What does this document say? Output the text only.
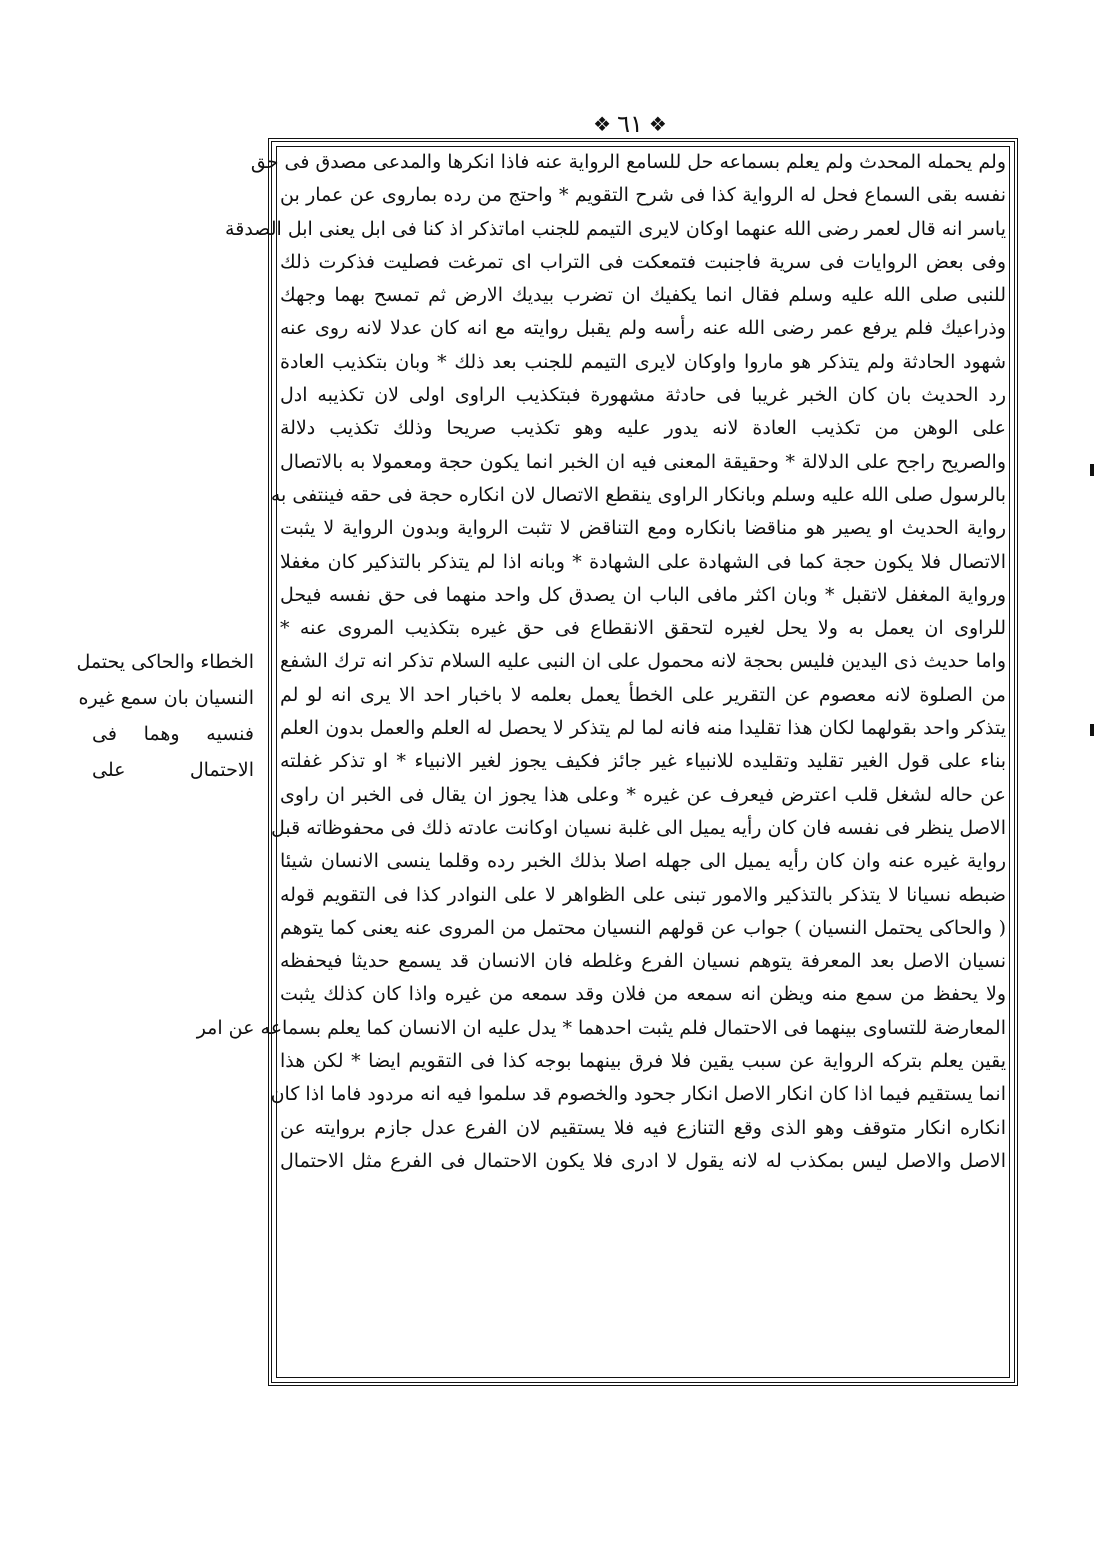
❖ ٦١ ❖
ولم يحمله المحدث ولم يعلم بسماعه حل للسامع الرواية عنه فاذا انكرها والمدعى مصدق فى حق
نفسه بقى السماع فحل له الرواية كذا فى شرح التقويم * واحتج من رده بماروى عن عمار بن
ياسر انه قال لعمر رضى الله عنهما اوكان لايرى التيمم للجنب اماتذكر اذ كنا فى ابل يعنى ابل الصدقة
وفى بعض الروايات فى سرية فاجنبت فتمعكت فى التراب اى تمرغت فصليت فذكرت ذلك
للنبى صلى الله عليه وسلم فقال انما يكفيك ان تضرب بيديك الارض ثم تمسح بهما وجهك
وذراعيك فلم يرفع عمر رضى الله عنه رأسه ولم يقبل روايته مع انه كان عدلا لانه روى عنه
شهود الحادثة ولم يتذكر هو ماروا واوكان لايرى التيمم للجنب بعد ذلك * وبان بتكذيب العادة
رد الحديث بان كان الخبر غريبا فى حادثة مشهورة فبتكذيب الراوى اولى لان تكذيبه ادل
على الوهن من تكذيب العادة لانه يدور عليه وهو تكذيب صريحا وذلك تكذيب دلالة
والصريح راجح على الدلالة * وحقيقة المعنى فيه ان الخبر انما يكون حجة ومعمولا به بالاتصال
بالرسول صلى الله عليه وسلم وبانكار الراوى ينقطع الاتصال لان انكاره حجة فى حقه فينتفى به
رواية الحديث او يصير هو مناقضا بانكاره ومع التناقض لا تثبت الرواية وبدون الرواية لا يثبت
الاتصال فلا يكون حجة كما فى الشهادة على الشهادة * وبانه اذا لم يتذكر بالتذكير كان مغفلا
ورواية المغفل لاتقبل * وبان اكثر مافى الباب ان يصدق كل واحد منهما فى حق نفسه فيحل
للراوى ان يعمل به ولا يحل لغيره لتحقق الانقطاع فى حق غيره بتكذيب المروى عنه *
واما حديث ذى اليدين فليس بحجة لانه محمول على ان النبى عليه السلام تذكر انه ترك الشفع
من الصلوة لانه معصوم عن التقرير على الخطأ يعمل بعلمه لا باخبار احد الا يرى انه لو لم
يتذكر واحد بقولهما لكان هذا تقليدا منه فانه لما لم يتذكر لا يحصل له العلم والعمل بدون العلم
بناء على قول الغير تقليد وتقليده للانبياء غير جائز فكيف يجوز لغير الانبياء * او تذكر غفلته
عن حاله لشغل قلب اعترض فيعرف عن غيره * وعلى هذا يجوز ان يقال فى الخبر ان راوى
الاصل ينظر فى نفسه فان كان رأيه يميل الى غلبة نسيان اوكانت عادته ذلك فى محفوظاته قبل
رواية غيره عنه وان كان رأيه يميل الى جهله اصلا بذلك الخبر رده وقلما ينسى الانسان شيئا
ضبطه نسيانا لا يتذكر بالتذكير والامور تبنى على الظواهر لا على النوادر كذا فى التقويم قوله
( والحاكى يحتمل النسيان ) جواب عن قولهم النسيان محتمل من المروى عنه يعنى كما يتوهم
نسيان الاصل بعد المعرفة يتوهم نسيان الفرع وغلطه فان الانسان قد يسمع حديثا فيحفظه
ولا يحفظ من سمع منه ويظن انه سمعه من فلان وقد سمعه من غيره واذا كان كذلك يثبت
المعارضة للتساوى بينهما فى الاحتمال فلم يثبت احدهما * يدل عليه ان الانسان كما يعلم بسماعه عن امر
يقين يعلم بتركه الرواية عن سبب يقين فلا فرق بينهما بوجه كذا فى التقويم ايضا * لكن هذا
انما يستقيم فيما اذا كان انكار الاصل انكار جحود والخصوم قد سلموا فيه انه مردود فاما اذا كان
انكاره انكار متوقف وهو الذى وقع التنازع فيه فلا يستقيم لان الفرع عدل جازم بروايته عن
الاصل والاصل ليس بمكذب له لانه يقول لا ادرى فلا يكون الاحتمال فى الفرع مثل الاحتمال
الخطاء والحاكى يحتمل
النسيان بان سمع غيره
فنسيه وهما فى
الاحتمال على
